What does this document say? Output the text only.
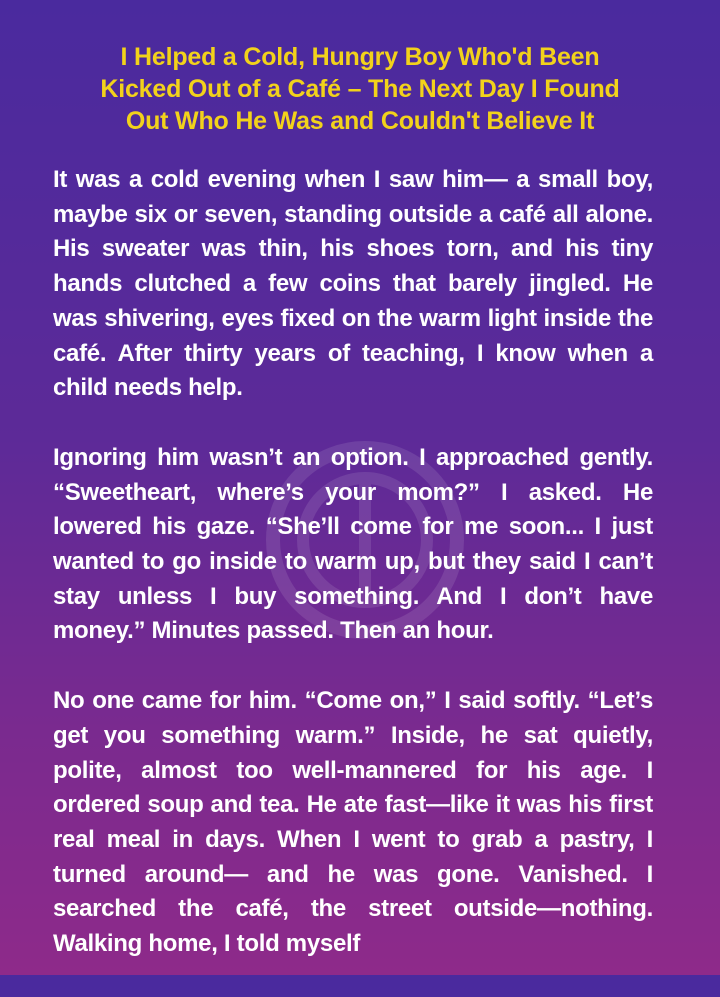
I Helped a Cold, Hungry Boy Who'd Been
Kicked Out of a Café – The Next Day I Found
Out Who He Was and Couldn't Believe It

It was a cold evening when I saw him— a small boy, maybe six or seven, standing outside a café all alone. His sweater was thin, his shoes torn, and his tiny hands clutched a few coins that barely jingled. He was shivering, eyes fixed on the warm light inside the café. After thirty years of teaching, I know when a child needs help.

Ignoring him wasn’t an option. I approached gently. “Sweetheart, where’s your mom?” I asked. He lowered his gaze. “She’ll come for me soon... I just wanted to go inside to warm up, but they said I can’t stay unless I buy something. And I don’t have money.” Minutes passed. Then an hour.

No one came for him. “Come on,” I said softly. “Let’s get you something warm.” Inside, he sat quietly, polite, almost too well-mannered for his age. I ordered soup and tea. He ate fast—like it was his first real meal in days. When I went to grab a pastry, I turned around— and he was gone. Vanished. I searched the café, the street outside—nothing. Walking home, I told myself
